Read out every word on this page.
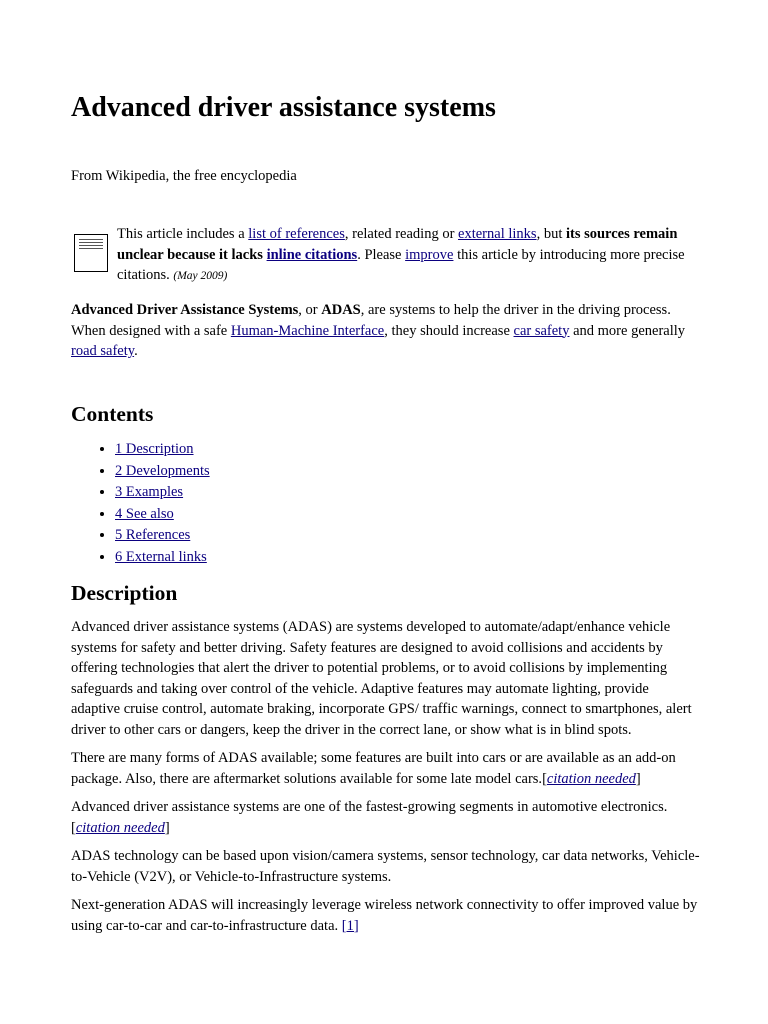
Advanced driver assistance systems

From Wikipedia, the free encyclopedia

This article includes a list of references, related reading or external links, but its sources remain unclear because it lacks inline citations. Please improve this article by introducing more precise citations. (May 2009)

Advanced Driver Assistance Systems, or ADAS, are systems to help the driver in the driving process. When designed with a safe Human-Machine Interface, they should increase car safety and more generally road safety.

Contents
• 1 Description
• 2 Developments
• 3 Examples
• 4 See also
• 5 References
• 6 External links
Description

Advanced driver assistance systems (ADAS) are systems developed to automate/adapt/enhance vehicle systems for safety and better driving. Safety features are designed to avoid collisions and accidents by offering technologies that alert the driver to potential problems, or to avoid collisions by implementing safeguards and taking over control of the vehicle. Adaptive features may automate lighting, provide adaptive cruise control, automate braking, incorporate GPS/ traffic warnings, connect to smartphones, alert driver to other cars or dangers, keep the driver in the correct lane, or show what is in blind spots.

There are many forms of ADAS available; some features are built into cars or are available as an add-on package. Also, there are aftermarket solutions available for some late model cars.[citation needed]

Advanced driver assistance systems are one of the fastest-growing segments in automotive electronics.[citation needed]

ADAS technology can be based upon vision/camera systems, sensor technology, car data networks, Vehicle-to-Vehicle (V2V), or Vehicle-to-Infrastructure systems.

Next-generation ADAS will increasingly leverage wireless network connectivity to offer improved value by using car-to-car and car-to-infrastructure data. [1]
